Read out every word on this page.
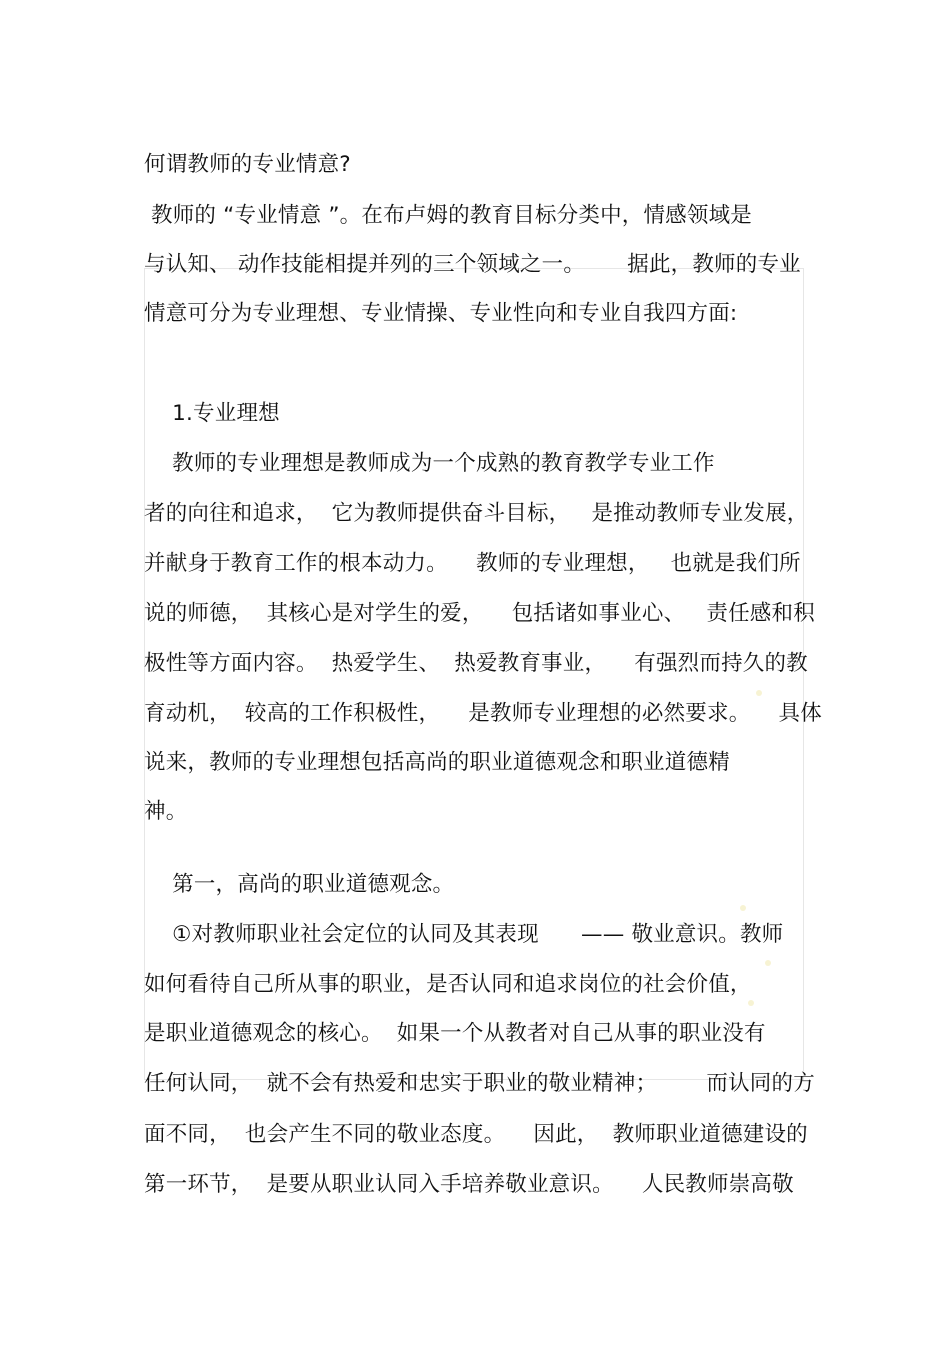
何谓教师的专业情意?
教师的 “专业情意 ”。在布卢姆的教育目标分类中，情感领域是
与认知、 动作技能相提并列的三个领域之一。      据此，教师的专业
情意可分为专业理想、专业情操、专业性向和专业自我四方面:
1.专业理想
教师的专业理想是教师成为一个成熟的教育教学专业工作
者的向往和追求，  它为教师提供奋斗目标，   是推动教师专业发展，
并献身于教育工作的根本动力。    教师的专业理想，   也就是我们所
说的师德，  其核心是对学生的爱，    包括诸如事业心、   责任感和积
极性等方面内容。  热爱学生、  热爱教育事业，    有强烈而持久的教
育动机，  较高的工作积极性，    是教师专业理想的必然要求。    具体
说来，教师的专业理想包括高尚的职业道德观念和职业道德精
神。
第一，高尚的职业道德观念。
①对教师职业社会定位的认同及其表现      —— 敬业意识。教师
如何看待自己所从事的职业，是否认同和追求岗位的社会价值，
是职业道德观念的核心。  如果一个从教者对自己从事的职业没有
任何认同，  就不会有热爱和忠实于职业的敬业精神；       而认同的方
面不同，  也会产生不同的敬业态度。    因此，  教师职业道德建设的
第一环节，  是要从职业认同入手培养敬业意识。    人民教师崇高敬
